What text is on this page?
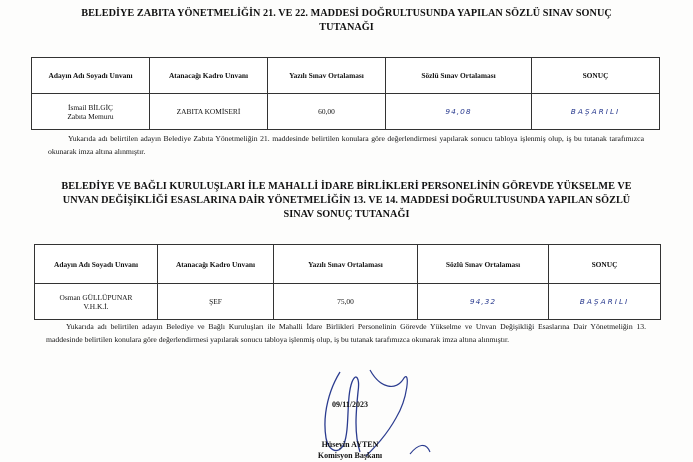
BELEDİYE ZABITA YÖNETMELİĞİN 21. VE 22. MADDESİ DOĞRULTUSUNDA YAPILAN SÖZLÜ SINAV SONUÇ
TUTANAĞI
Adayın Adı Soyadı Unvanı	Atanacağı Kadro Unvanı	Yazılı Sınav Ortalaması	Sözlü Sınav Ortalaması	SONUÇ

İsmail BİLGİÇ
Zabıta Memuru	ZABITA KOMİSERİ	60,00	94,08	BAŞARILI
Yukarıda adı belirtilen adayın Belediye Zabıta Yönetmeliğin 21. maddesinde belirtilen konulara göre değerlendirmesi yapılarak sonucu tabloya işlenmiş olup, iş bu tutanak tarafımızca okunarak imza altına alınmıştır.
BELEDİYE VE BAĞLI KURULUŞLARI İLE MAHALLİ İDARE BİRLİKLERİ PERSONELİNİN GÖREVDE YÜKSELME VE
UNVAN DEĞİŞİKLİĞİ ESASLARINA DAİR YÖNETMELİĞİN 13. VE 14. MADDESİ DOĞRULTUSUNDA YAPILAN SÖZLÜ
SINAV SONUÇ TUTANAĞI
Adayın Adı Soyadı Unvanı	Atanacağı Kadro Unvanı	Yazılı Sınav Ortalaması	Sözlü Sınav Ortalaması	SONUÇ

Osman GÜLLÜPUNAR
V.H.K.İ.	ŞEF	75,00	94,32	BAŞARILI
Yukarıda adı belirtilen adayın Belediye ve Bağlı Kuruluşları ile Mahalli İdare Birlikleri Personelinin Görevde Yükselme ve Unvan Değişikliği Esaslarına Dair Yönetmeliğin 13. maddesinde belirtilen konulara göre değerlendirmesi yapılarak sonucu tabloya işlenmiş olup, iş bu tutanak tarafımızca okunarak imza altına alınmıştır.
09/11/2023
Hüseyin AYTEN
Komisyon Başkanı
